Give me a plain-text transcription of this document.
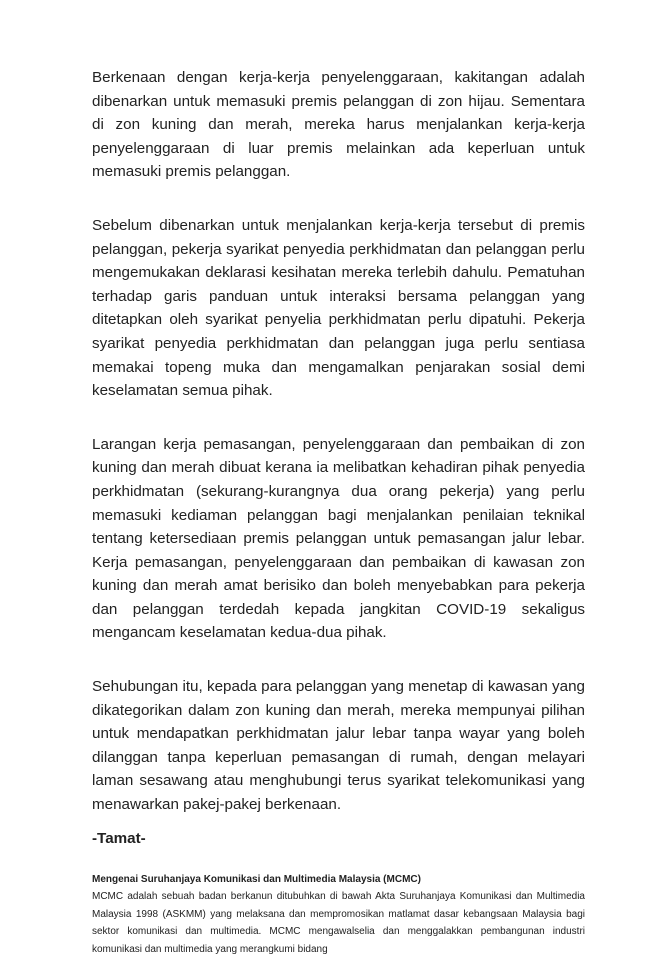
Berkenaan dengan kerja-kerja penyelenggaraan, kakitangan adalah dibenarkan untuk memasuki premis pelanggan di zon hijau. Sementara di zon kuning dan merah, mereka harus menjalankan kerja-kerja penyelenggaraan di luar premis melainkan ada keperluan untuk memasuki premis pelanggan.

Sebelum dibenarkan untuk menjalankan kerja-kerja tersebut di premis pelanggan, pekerja syarikat penyedia perkhidmatan dan pelanggan perlu mengemukakan deklarasi kesihatan mereka terlebih dahulu. Pematuhan terhadap garis panduan untuk interaksi bersama pelanggan yang ditetapkan oleh syarikat penyelia perkhidmatan perlu dipatuhi. Pekerja syarikat penyedia perkhidmatan dan pelanggan juga perlu sentiasa memakai topeng muka dan mengamalkan penjarakan sosial demi keselamatan semua pihak.

Larangan kerja pemasangan, penyelenggaraan dan pembaikan di zon kuning dan merah dibuat kerana ia melibatkan kehadiran pihak penyedia perkhidmatan (sekurang-kurangnya dua orang pekerja) yang perlu memasuki kediaman pelanggan bagi menjalankan penilaian teknikal tentang ketersediaan premis pelanggan untuk pemasangan jalur lebar. Kerja pemasangan, penyelenggaraan dan pembaikan di kawasan zon kuning dan merah amat berisiko dan boleh menyebabkan para pekerja dan pelanggan terdedah kepada jangkitan COVID-19 sekaligus mengancam keselamatan kedua-dua pihak.

Sehubungan itu, kepada para pelanggan yang menetap di kawasan yang dikategorikan dalam zon kuning dan merah, mereka mempunyai pilihan untuk mendapatkan perkhidmatan jalur lebar tanpa wayar yang boleh dilanggan tanpa keperluan pemasangan di rumah, dengan melayari laman sesawang atau menghubungi terus syarikat telekomunikasi yang menawarkan pakej-pakej berkenaan.

-Tamat-

Mengenai Suruhanjaya Komunikasi dan Multimedia Malaysia (MCMC)

MCMC adalah sebuah badan berkanun ditubuhkan di bawah Akta Suruhanjaya Komunikasi dan Multimedia Malaysia 1998 (ASKMM) yang melaksana dan mempromosikan matlamat dasar kebangsaan Malaysia bagi sektor komunikasi dan multimedia. MCMC mengawalselia dan menggalakkan pembangunan industri komunikasi dan multimedia yang merangkumi bidang
